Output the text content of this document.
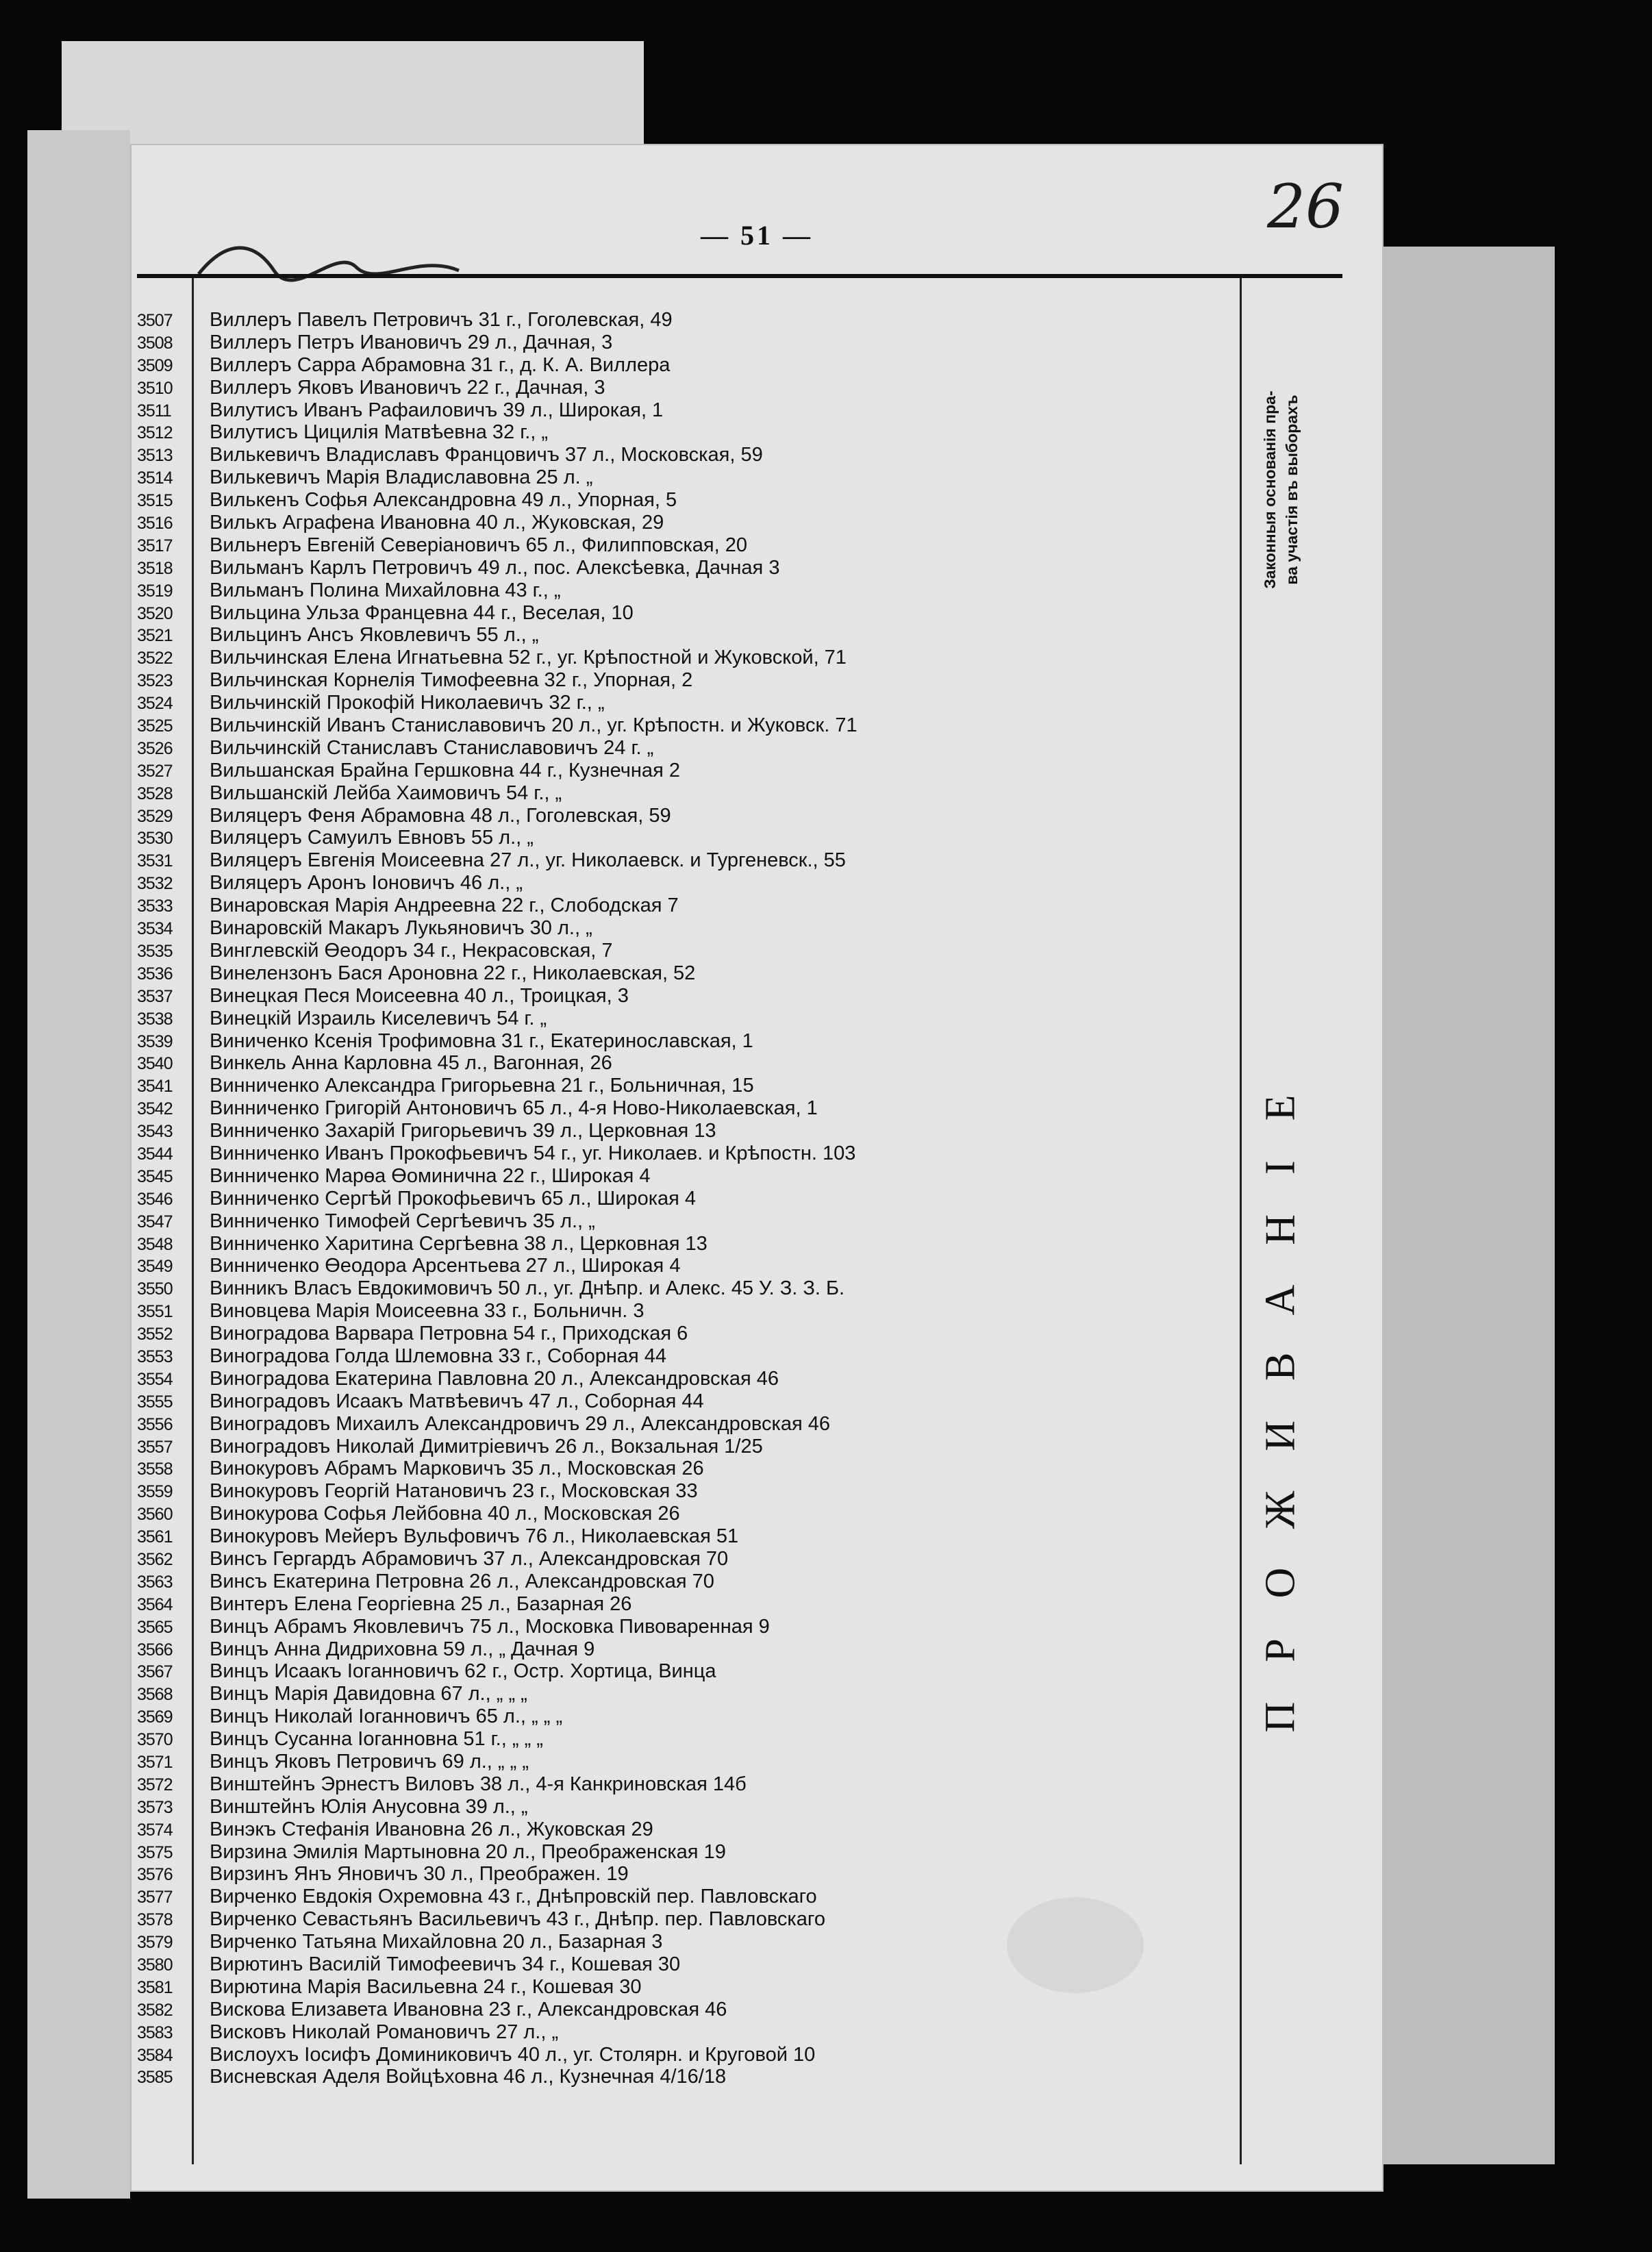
— 51 —	26
Законныя основанія пра- ва участія въ выборахъ
ПРОЖИВАНІЕ
3507	Виллеръ Павелъ Петровичъ 31 г., Гоголевская, 49
3508	Виллеръ Петръ Ивановичъ 29 л., Дачная, 3
3509	Виллеръ Сарра Абрамовна 31 г., д. К. А. Виллера
3510	Виллеръ Яковъ Ивановичъ 22 г., Дачная, 3
3511	Вилутисъ Иванъ Рафаиловичъ 39 л., Широкая, 1
3512	Вилутисъ Цицилія Матвѣевна 32 г., „
3513	Вилькевичъ Владиславъ Францовичъ 37 л., Московская, 59
3514	Вилькевичъ Марія Владиславовна 25 л. „
3515	Вилькенъ Софья Александровна 49 л., Упорная, 5
3516	Вилькъ Аграфена Ивановна 40 л., Жуковская, 29
3517	Вильнеръ Евгеній Северіановичъ 65 л., Филипповская, 20
3518	Вильманъ Карлъ Петровичъ 49 л., пос. Алексѣевка, Дачная 3
3519	Вильманъ Полина Михайловна 43 г., „
3520	Вильцина Ульза Францевна 44 г., Веселая, 10
3521	Вильцинъ Ансъ Яковлевичъ 55 л., „
3522	Вильчинская Елена Игнатьевна 52 г., уг. Крѣпостной и Жуковской, 71
3523	Вильчинская Корнелія Тимофеевна 32 г., Упорная, 2
3524	Вильчинскій Прокофій Николаевичъ 32 г., „
3525	Вильчинскій Иванъ Станиславовичъ 20 л., уг. Крѣпостн. и Жуковск. 71
3526	Вильчинскій Станиславъ Станиславовичъ 24 г. „
3527	Вильшанская Брайна Гершковна 44 г., Кузнечная 2
3528	Вильшанскій Лейба Хаимовичъ 54 г., „
3529	Виляцеръ Феня Абрамовна 48 л., Гоголевская, 59
3530	Виляцеръ Самуилъ Евновъ 55 л., „
3531	Виляцеръ Евгенія Моисеевна 27 л., уг. Николаевск. и Тургеневск., 55
3532	Виляцеръ Аронъ Іоновичъ 46 л., „
3533	Винаровская Марія Андреевна 22 г., Слободская 7
3534	Винаровскій Макаръ Лукьяновичъ 30 л., „
3535	Винглевскій Өеодоръ 34 г., Некрасовская, 7
3536	Винелензонъ Бася Ароновна 22 г., Николаевская, 52
3537	Винецкая Песя Моисеевна 40 л., Троицкая, 3
3538	Винецкій Израиль Киселевичъ 54 г. „
3539	Виниченко Ксенія Трофимовна 31 г., Екатеринославская, 1
3540	Винкель Анна Карловна 45 л., Вагонная, 26
3541	Винниченко Александра Григорьевна 21 г., Больничная, 15
3542	Винниченко Григорій Антоновичъ 65 л., 4-я Ново-Николаевская, 1
3543	Винниченко Захарій Григорьевичъ 39 л., Церковная 13
3544	Винниченко Иванъ Прокофьевичъ 54 г., уг. Николаев. и Крѣпостн. 103
3545	Винниченко Марөа Өоминична 22 г., Широкая 4
3546	Винниченко Сергѣй Прокофьевичъ 65 л., Широкая 4
3547	Винниченко Тимофей Сергѣевичъ 35 л., „
3548	Винниченко Харитина Сергѣевна 38 л., Церковная 13
3549	Винниченко Өеодора Арсентьева 27 л., Широкая 4
3550	Винникъ Власъ Евдокимовичъ 50 л., уг. Днѣпр. и Алекс. 45 У. З. З. Б.
3551	Виновцева Марія Моисеевна 33 г., Больничн. 3
3552	Виноградова Варвара Петровна 54 г., Приходская 6
3553	Виноградова Голда Шлемовна 33 г., Соборная 44
3554	Виноградова Екатерина Павловна 20 л., Александровская 46
3555	Виноградовъ Исаакъ Матвѣевичъ 47 л., Соборная 44
3556	Виноградовъ Михаилъ Александровичъ 29 л., Александровская 46
3557	Виноградовъ Николай Димитріевичъ 26 л., Вокзальная 1/25
3558	Винокуровъ Абрамъ Марковичъ 35 л., Московская 26
3559	Винокуровъ Георгій Натановичъ 23 г., Московская 33
3560	Винокурова Софья Лейбовна 40 л., Московская 26
3561	Винокуровъ Мейеръ Вульфовичъ 76 л., Николаевская 51
3562	Винсъ Гергардъ Абрамовичъ 37 л., Александровская 70
3563	Винсъ Екатерина Петровна 26 л., Александровская 70
3564	Винтеръ Елена Георгіевна 25 л., Базарная 26
3565	Винцъ Абрамъ Яковлевичъ 75 л., Московка Пивоваренная 9
3566	Винцъ Анна Дидриховна 59 л., „ Дачная 9
3567	Винцъ Исаакъ Іоганновичъ 62 г., Остр. Хортица, Винца
3568	Винцъ Марія Давидовна 67 л., „ „ „
3569	Винцъ Николай Іоганновичъ 65 л., „ „ „
3570	Винцъ Сусанна Іоганновна 51 г., „ „ „
3571	Винцъ Яковъ Петровичъ 69 л., „ „ „
3572	Винштейнъ Эрнестъ Виловъ 38 л., 4-я Канкриновская 14б
3573	Винштейнъ Юлія Анусовна 39 л., „
3574	Винэкъ Стефанія Ивановна 26 л., Жуковская 29
3575	Вирзина Эмилія Мартыновна 20 л., Преображенская 19
3576	Вирзинъ Янъ Яновичъ 30 л., Преображен. 19
3577	Вирченко Евдокія Охремовна 43 г., Днѣпровскій пер. Павловскаго
3578	Вирченко Севастьянъ Васильевичъ 43 г., Днѣпр. пер. Павловскаго
3579	Вирченко Татьяна Михайловна 20 л., Базарная 3
3580	Вирютинъ Василій Тимофеевичъ 34 г., Кошевая 30
3581	Вирютина Марія Васильевна 24 г., Кошевая 30
3582	Вискова Елизавета Ивановна 23 г., Александровская 46
3583	Висковъ Николай Романовичъ 27 л., „
3584	Вислоухъ Іосифъ Доминиковичъ 40 л., уг. Столярн. и Круговой 10
3585	Висневская Аделя Войцѣховна 46 л., Кузнечная 4/16/18
